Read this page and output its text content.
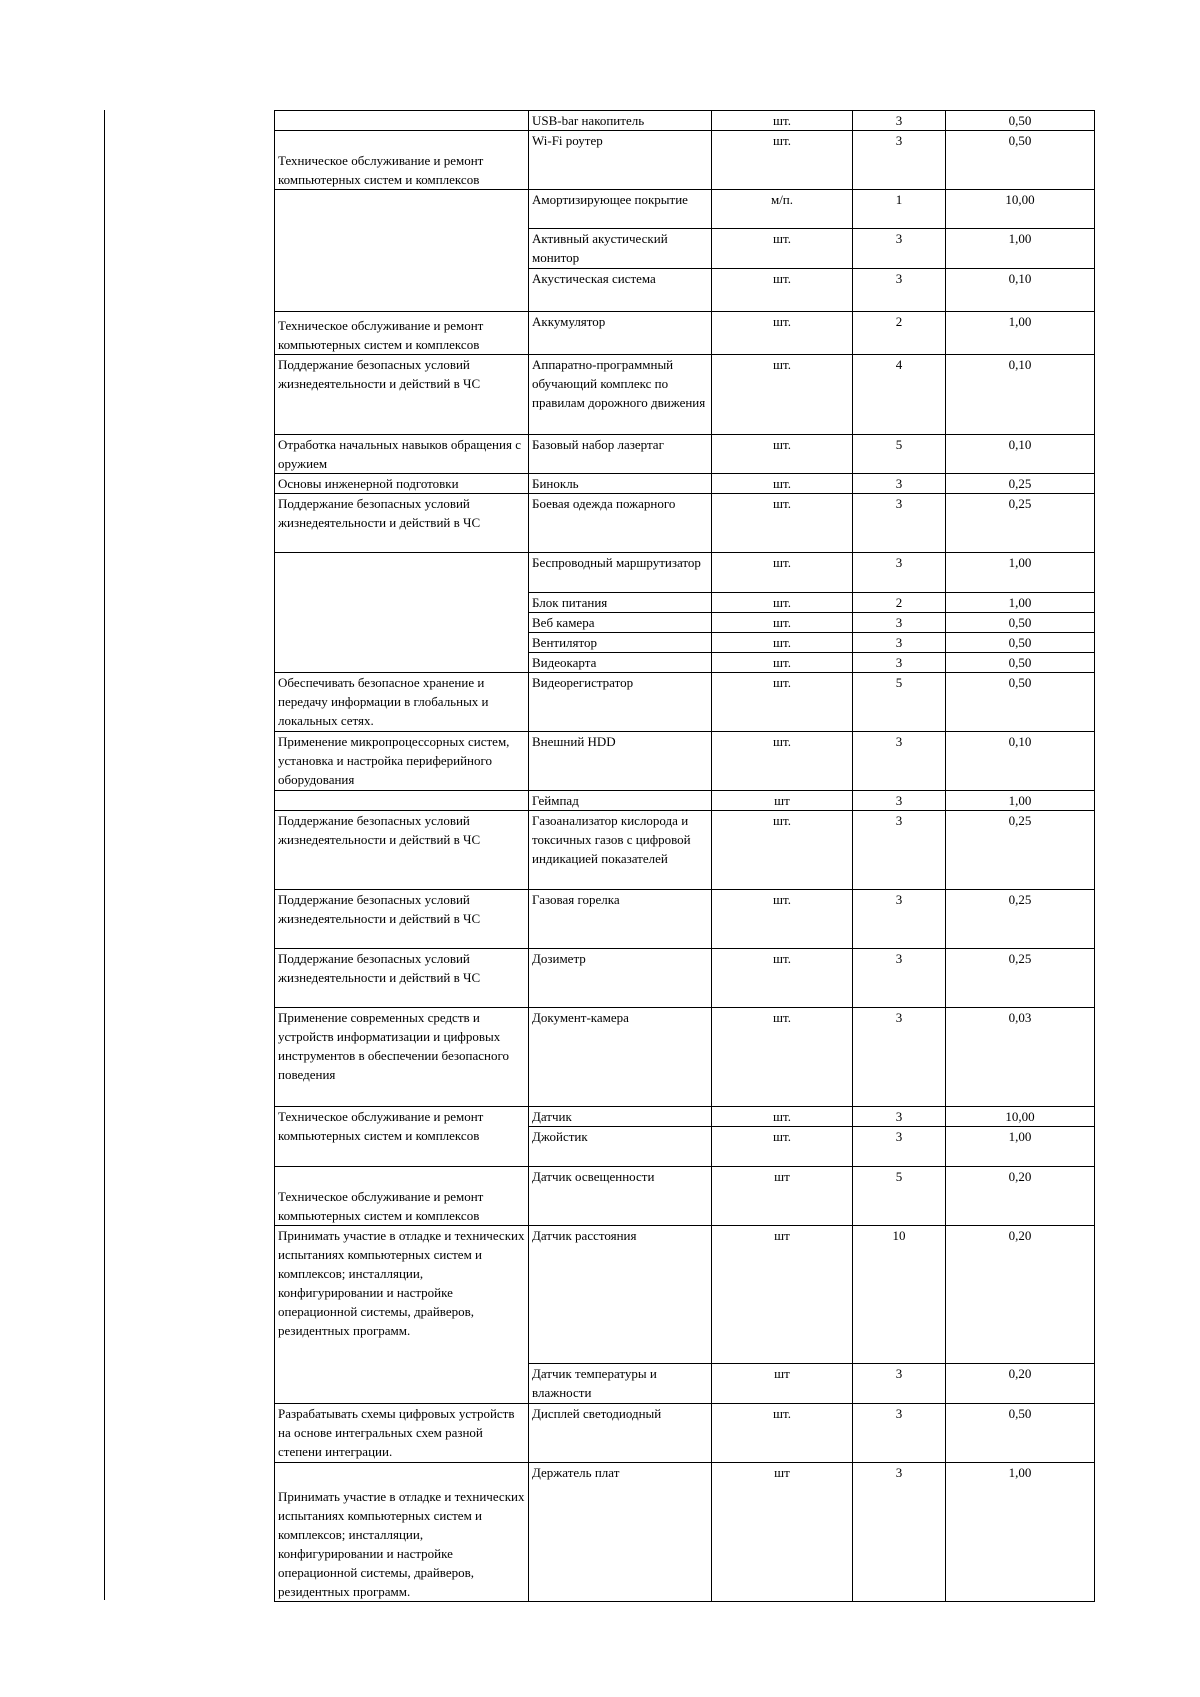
	USB-bar накопитель	шт.	3	0,50
Техническое обслуживание и ремонт компьютерных систем и комплексов	Wi-Fi роутер	шт.	3	0,50
	Амортизирующее покрытие	м/п.	1	10,00
	Активный акустический монитор	шт.	3	1,00
	Акустическая система	шт.	3	0,10
Техническое обслуживание и ремонт компьютерных систем и комплексов	Аккумулятор	шт.	2	1,00
Поддержание безопасных условий жизнедеятельности и действий в ЧС	Аппаратно-программный обучающий комплекс по правилам дорожного движения	шт.	4	0,10
Отработка начальных навыков обращения с оружием	Базовый набор лазертаг	шт.	5	0,10
Основы инженерной подготовки	Бинокль	шт.	3	0,25
Поддержание безопасных условий жизнедеятельности и действий в ЧС	Боевая одежда пожарного	шт.	3	0,25
	Беспроводный маршрутизатор	шт.	3	1,00
	Блок питания	шт.	2	1,00
	Веб камера	шт.	3	0,50
	Вентилятор	шт.	3	0,50
	Видеокарта	шт.	3	0,50
Обеспечивать безопасное хранение и передачу информации в глобальных и локальных сетях.	Видеорегистратор	шт.	5	0,50
Применение микропроцессорных систем, установка и настройка периферийного оборудования	Внешний HDD	шт.	3	0,10
	Геймпад	шт	3	1,00
Поддержание безопасных условий жизнедеятельности и действий в ЧС	Газоанализатор кислорода и токсичных газов с цифровой индикацией показателей	шт.	3	0,25
Поддержание безопасных условий жизнедеятельности и действий в ЧС	Газовая горелка	шт.	3	0,25
Поддержание безопасных условий жизнедеятельности и действий в ЧС	Дозиметр	шт.	3	0,25
Применение современных средств и устройств информатизации и цифровых инструментов в обеспечении безопасного поведения	Документ-камера	шт.	3	0,03
Техническое обслуживание и ремонт компьютерных систем и комплексов	Датчик	шт.	3	10,00
	Джойстик	шт.	3	1,00
Техническое обслуживание и ремонт компьютерных систем и комплексов	Датчик освещенности	шт	5	0,20
Принимать участие в отладке и технических испытаниях компьютерных систем и комплексов; инсталляции, конфигурировании и настройке операционной системы, драйверов, резидентных программ.	Датчик расстояния	шт	10	0,20
	Датчик температуры и влажности	шт	3	0,20
Разрабатывать схемы цифровых устройств на основе интегральных схем разной степени интеграции.	Дисплей светодиодный	шт.	3	0,50
Принимать участие в отладке и технических испытаниях компьютерных систем и комплексов; инсталляции, конфигурировании и настройке операционной системы, драйверов, резидентных программ.	Держатель плат	шт	3	1,00
